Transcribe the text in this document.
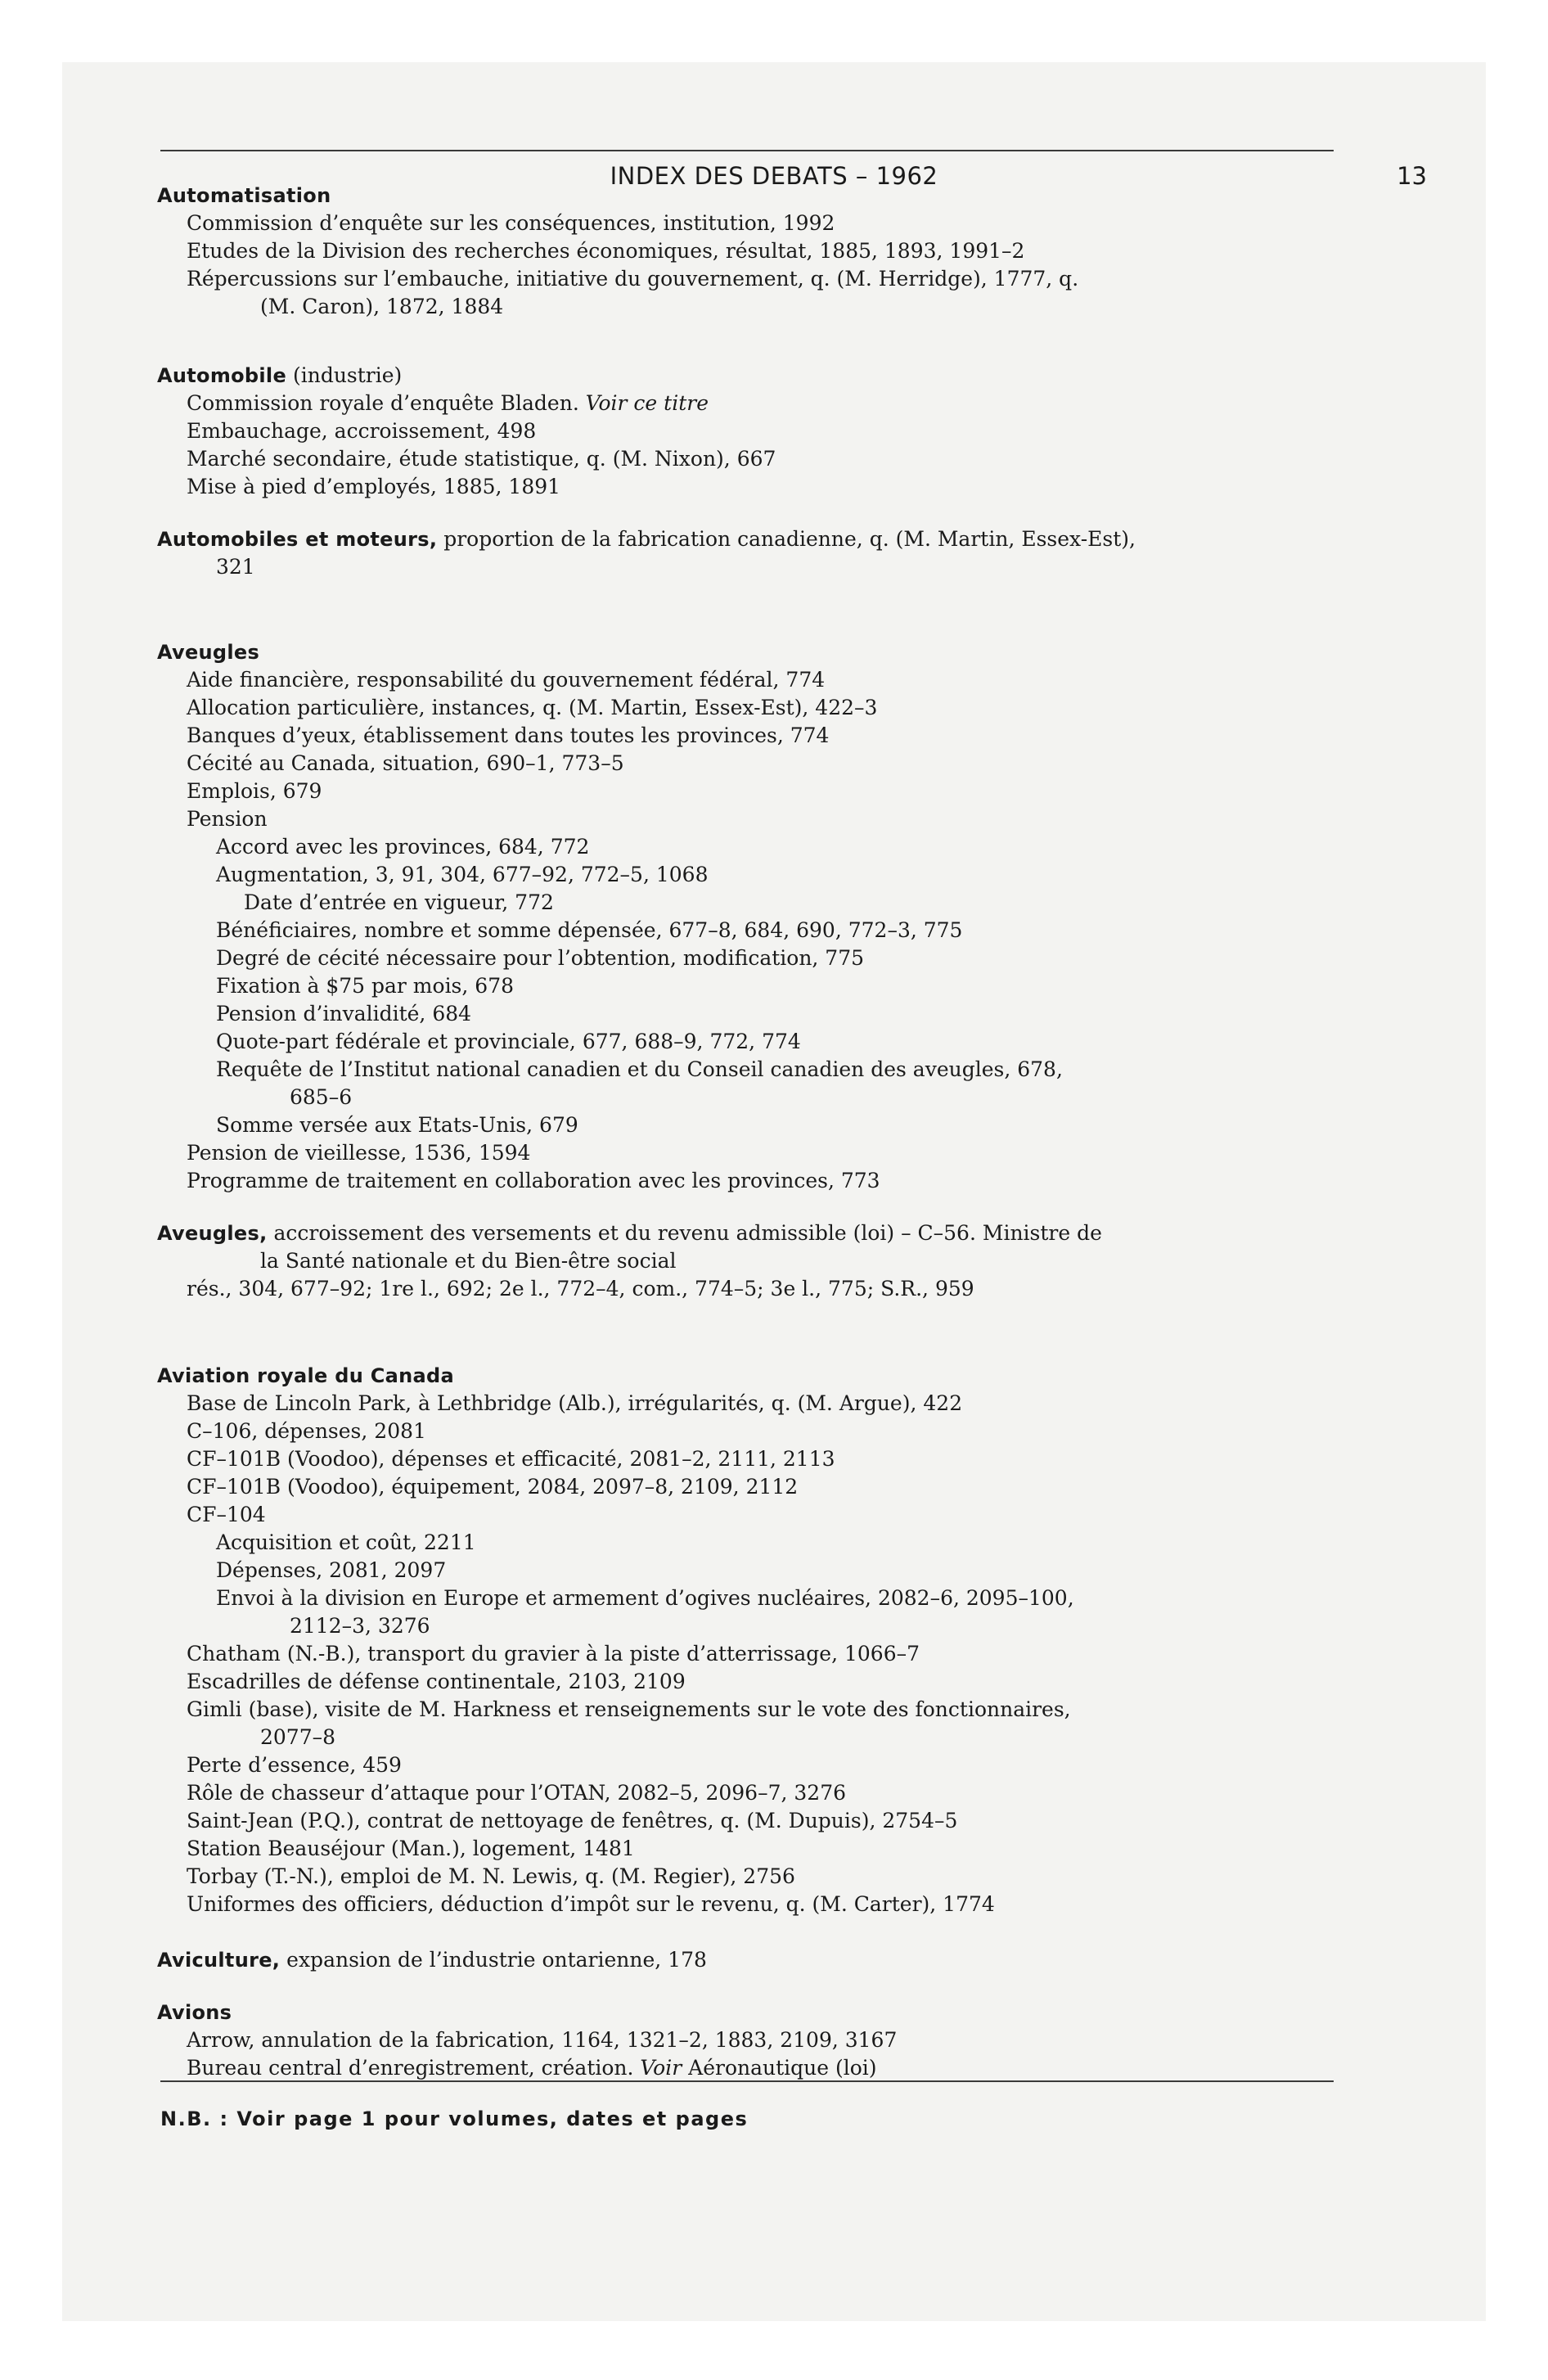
INDEX DES DEBATS – 1962	13
Automatisation
Commission d’enquête sur les conséquences, institution, 1992
Etudes de la Division des recherches économiques, résultat, 1885, 1893, 1991–2
Répercussions sur l’embauche, initiative du gouvernement, q. (M. Herridge), 1777, q.
(M. Caron), 1872, 1884
Automobile (industrie)
Commission royale d’enquête Bladen. Voir ce titre
Embauchage, accroissement, 498
Marché secondaire, étude statistique, q. (M. Nixon), 667
Mise à pied d’employés, 1885, 1891
Automobiles et moteurs, proportion de la fabrication canadienne, q. (M. Martin, Essex-Est),
321
Aveugles
Aide financière, responsabilité du gouvernement fédéral, 774
Allocation particulière, instances, q. (M. Martin, Essex-Est), 422–3
Banques d’yeux, établissement dans toutes les provinces, 774
Cécité au Canada, situation, 690–1, 773–5
Emplois, 679
Pension
Accord avec les provinces, 684, 772
Augmentation, 3, 91, 304, 677–92, 772–5, 1068
Date d’entrée en vigueur, 772
Bénéficiaires, nombre et somme dépensée, 677–8, 684, 690, 772–3, 775
Degré de cécité nécessaire pour l’obtention, modification, 775
Fixation à $75 par mois, 678
Pension d’invalidité, 684
Quote-part fédérale et provinciale, 677, 688–9, 772, 774
Requête de l’Institut national canadien et du Conseil canadien des aveugles, 678,
685–6
Somme versée aux Etats-Unis, 679
Pension de vieillesse, 1536, 1594
Programme de traitement en collaboration avec les provinces, 773
Aveugles, accroissement des versements et du revenu admissible (loi) – C–56. Ministre de
la Santé nationale et du Bien-être social
rés., 304, 677–92; 1re l., 692; 2e l., 772–4, com., 774–5; 3e l., 775; S.R., 959
Aviation royale du Canada
Base de Lincoln Park, à Lethbridge (Alb.), irrégularités, q. (M. Argue), 422
C–106, dépenses, 2081
CF–101B (Voodoo), dépenses et efficacité, 2081–2, 2111, 2113
CF–101B (Voodoo), équipement, 2084, 2097–8, 2109, 2112
CF–104
Acquisition et coût, 2211
Dépenses, 2081, 2097
Envoi à la division en Europe et armement d’ogives nucléaires, 2082–6, 2095–100,
2112–3, 3276
Chatham (N.-B.), transport du gravier à la piste d’atterrissage, 1066–7
Escadrilles de défense continentale, 2103, 2109
Gimli (base), visite de M. Harkness et renseignements sur le vote des fonctionnaires,
2077–8
Perte d’essence, 459
Rôle de chasseur d’attaque pour l’OTAN, 2082–5, 2096–7, 3276
Saint-Jean (P.Q.), contrat de nettoyage de fenêtres, q. (M. Dupuis), 2754–5
Station Beauséjour (Man.), logement, 1481
Torbay (T.-N.), emploi de M. N. Lewis, q. (M. Regier), 2756
Uniformes des officiers, déduction d’impôt sur le revenu, q. (M. Carter), 1774
Aviculture, expansion de l’industrie ontarienne, 178
Avions
Arrow, annulation de la fabrication, 1164, 1321–2, 1883, 2109, 3167
Bureau central d’enregistrement, création. Voir Aéronautique (loi)
N.B. : Voir page 1 pour volumes, dates et pages
